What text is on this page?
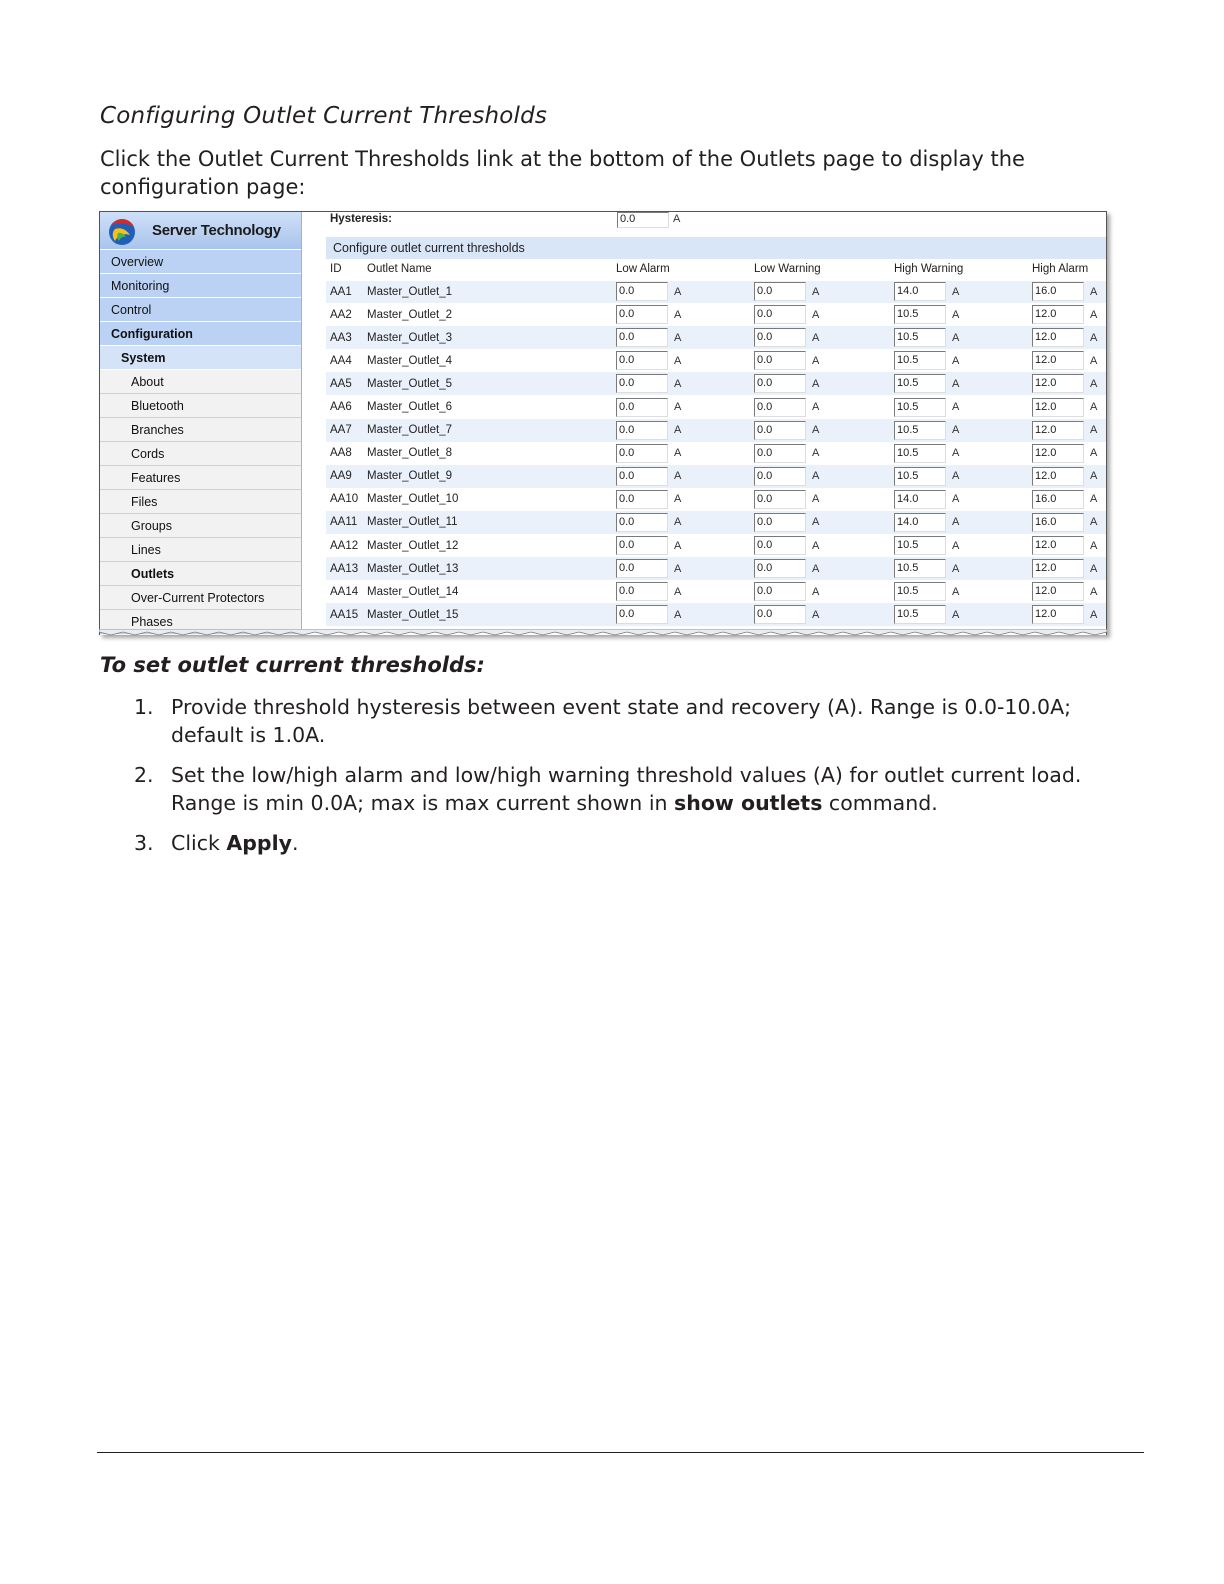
Configuring Outlet Current Thresholds

Click the Outlet Current Thresholds link at the bottom of the Outlets page to display the configuration page:

Server Technology
Overview
Monitoring
Control
Configuration
System
About
Bluetooth
Branches
Cords
Features
Files
Groups
Lines
Outlets
Over-Current Protectors
Phases
Hysteresis:	0.0	A
Configure outlet current thresholds
ID	Outlet Name	Low Alarm	Low Warning	High Warning	High Alarm
AA1	Master_Outlet_1	0.0 A	0.0 A	14.0 A	16.0 A
AA2	Master_Outlet_2	0.0 A	0.0 A	10.5 A	12.0 A
AA3	Master_Outlet_3	0.0 A	0.0 A	10.5 A	12.0 A
AA4	Master_Outlet_4	0.0 A	0.0 A	10.5 A	12.0 A
AA5	Master_Outlet_5	0.0 A	0.0 A	10.5 A	12.0 A
AA6	Master_Outlet_6	0.0 A	0.0 A	10.5 A	12.0 A
AA7	Master_Outlet_7	0.0 A	0.0 A	10.5 A	12.0 A
AA8	Master_Outlet_8	0.0 A	0.0 A	10.5 A	12.0 A
AA9	Master_Outlet_9	0.0 A	0.0 A	10.5 A	12.0 A
AA10	Master_Outlet_10	0.0 A	0.0 A	14.0 A	16.0 A
AA11	Master_Outlet_11	0.0 A	0.0 A	14.0 A	16.0 A
AA12	Master_Outlet_12	0.0 A	0.0 A	10.5 A	12.0 A
AA13	Master_Outlet_13	0.0 A	0.0 A	10.5 A	12.0 A
AA14	Master_Outlet_14	0.0 A	0.0 A	10.5 A	12.0 A
AA15	Master_Outlet_15	0.0 A	0.0 A	10.5 A	12.0 A
To set outlet current thresholds:
1. Provide threshold hysteresis between event state and recovery (A). Range is 0.0-10.0A; default is 1.0A.
2. Set the low/high alarm and low/high warning threshold values (A) for outlet current load. Range is min 0.0A; max is max current shown in show outlets command.
3. Click Apply.
